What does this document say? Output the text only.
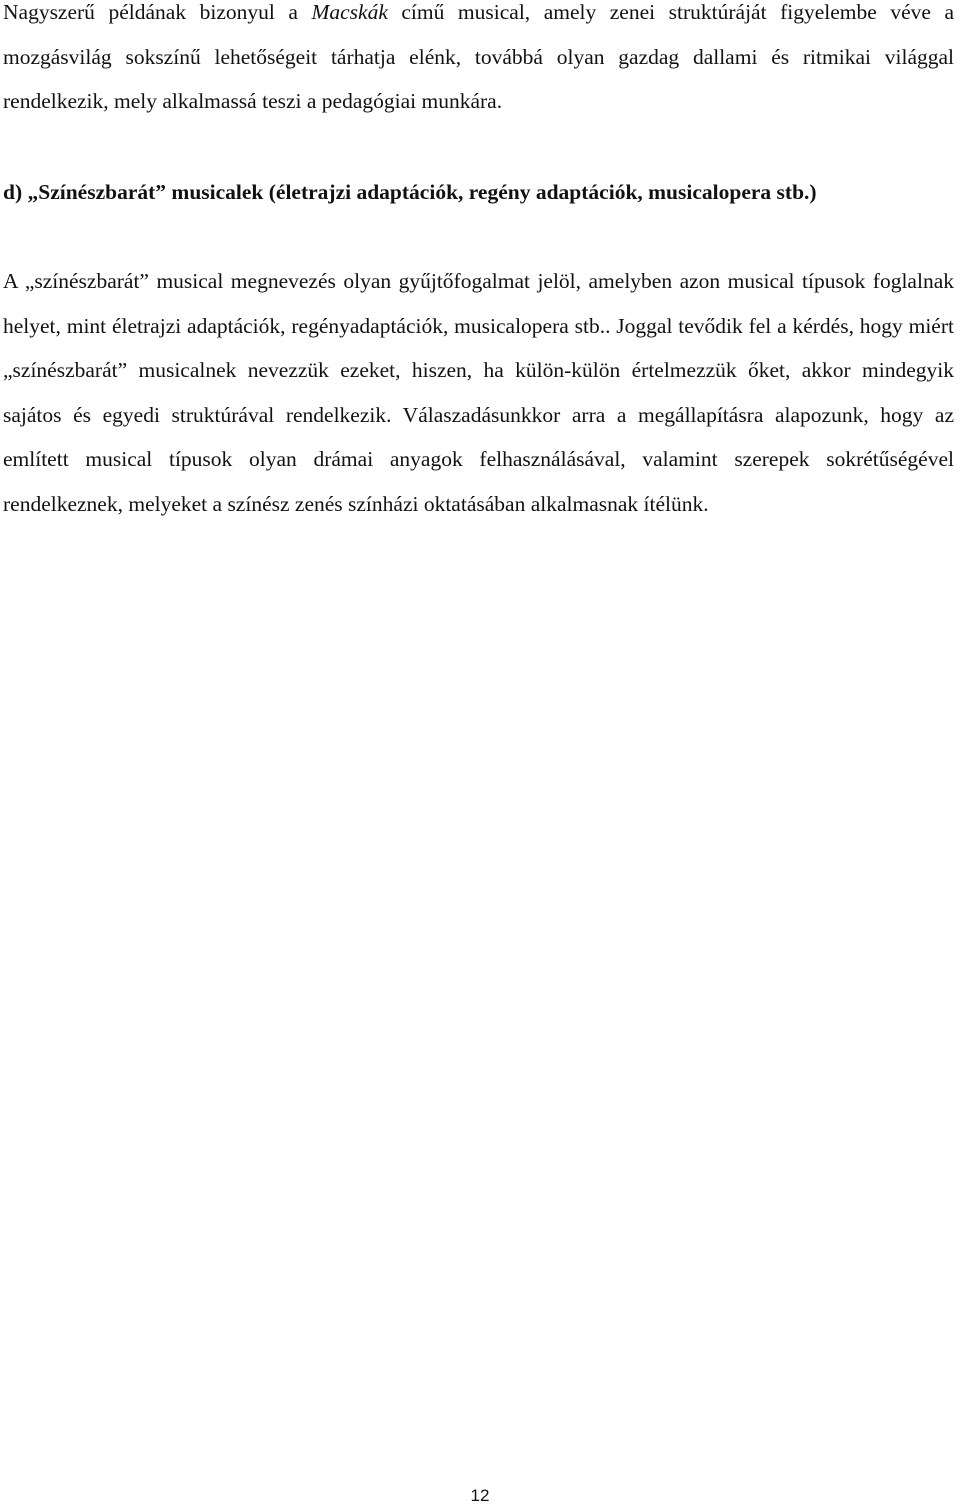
Nagyszerű példának bizonyul a Macskák című musical, amely zenei struktúráját figyelembe véve a mozgásvilág sokszínű lehetőségeit tárhatja elénk, továbbá olyan gazdag dallami és ritmikai világgal rendelkezik, mely alkalmassá teszi a pedagógiai munkára.

d) „Színészbarát” musicalek (életrajzi adaptációk, regény adaptációk, musicalopera stb.)

A „színészbarát” musical megnevezés olyan gyűjtőfogalmat jelöl, amelyben azon musical típusok foglalnak helyet, mint életrajzi adaptációk, regényadaptációk, musicalopera stb.. Joggal tevődik fel a kérdés, hogy miért „színészbarát” musicalnek nevezzük ezeket, hiszen, ha külön-külön értelmezzük őket, akkor mindegyik sajátos és egyedi struktúrával rendelkezik. Válaszadásunkkor arra a megállapításra alapozunk, hogy az említett musical típusok olyan drámai anyagok felhasználásával, valamint szerepek sokrétűségével rendelkeznek, melyeket a színész zenés színházi oktatásában alkalmasnak ítélünk.

12
